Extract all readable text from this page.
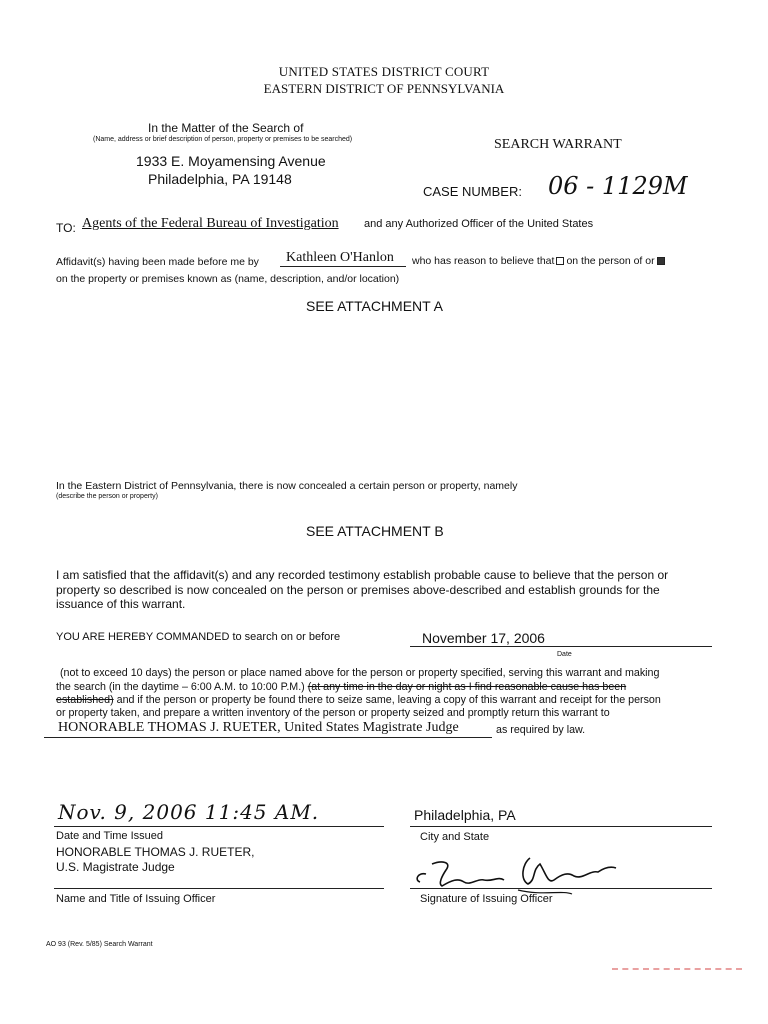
UNITED STATES DISTRICT COURT
EASTERN DISTRICT OF PENNSYLVANIA
In the Matter of the Search of
(Name, address or brief description of person, property or premises to be searched)
1933 E. Moyamensing Avenue
Philadelphia, PA 19148
SEARCH WARRANT
CASE NUMBER: 06 - 1129M
TO: Agents of the Federal Bureau of Investigation and any Authorized Officer of the United States
Affidavit(s) having been made before me by Kathleen O'Hanlon who has reason to believe that on the person of or
on the property or premises known as (name, description, and/or location)
SEE ATTACHMENT A
In the Eastern District of Pennsylvania, there is now concealed a certain person or property, namely
(describe the person or property)
SEE ATTACHMENT B
I am satisfied that the affidavit(s) and any recorded testimony establish probable cause to believe that the person or
property so described is now concealed on the person or premises above-described and establish grounds for the
issuance of this warrant.
YOU ARE HEREBY COMMANDED to search on or before	November 17, 2006
Date
(not to exceed 10 days) the person or place named above for the person or property specified, serving this warrant and making
the search (in the daytime – 6:00 A.M. to 10:00 P.M.) (at any time in the day or night as I find reasonable cause has been
established) and if the person or property be found there to seize same, leaving a copy of this warrant and receipt for the person
or property taken, and prepare a written inventory of the person or property seized and promptly return this warrant to
HONORABLE THOMAS J. RUETER, United States Magistrate Judge	as required by law.
Nov. 9, 2006 11:45 AM.
Date and Time Issued
Philadelphia, PA
City and State
HONORABLE THOMAS J. RUETER,
U.S. Magistrate Judge
Name and Title of Issuing Officer	Signature of Issuing Officer
AO 93 (Rev. 5/85) Search Warrant
